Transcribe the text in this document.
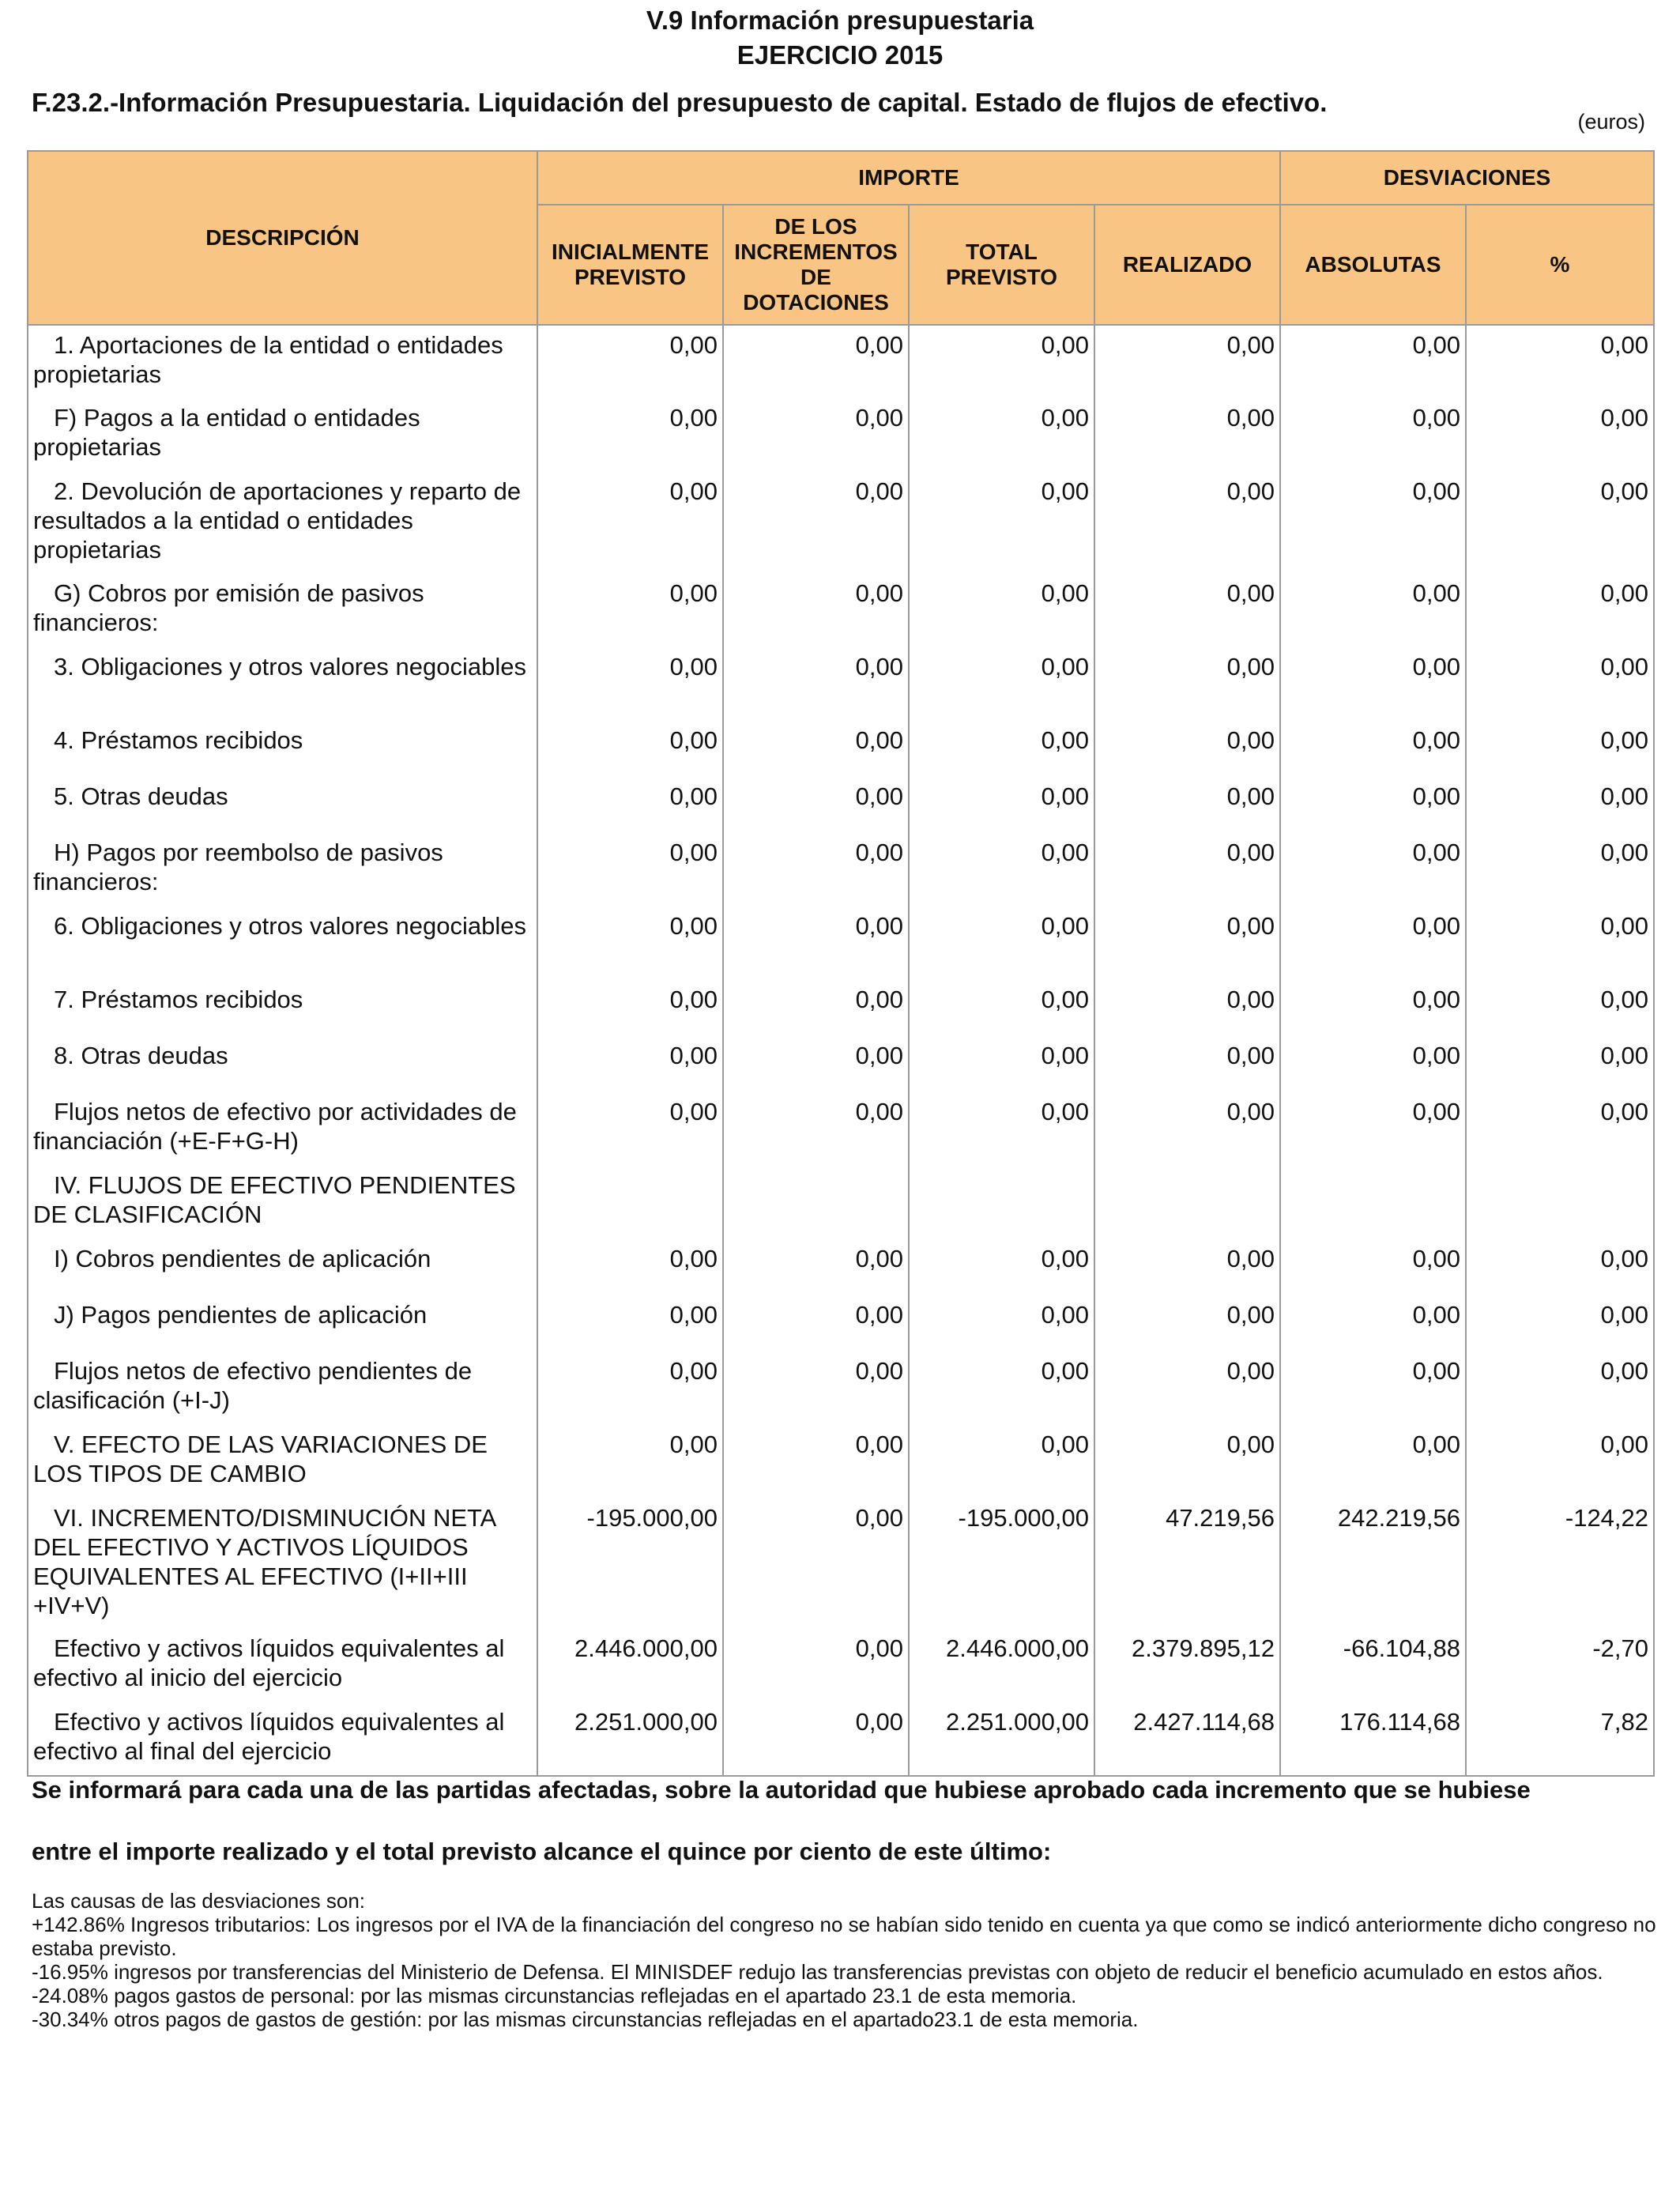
V.9 Información presupuestaria
EJERCICIO 2015
F.23.2.-Información Presupuestaria. Liquidación del presupuesto de capital. Estado de flujos de efectivo.
(euros)
DESCRIPCIÓN	IMPORTE				DESVIACIONES	
	INICIALMENTE PREVISTO	DE LOS INCREMENTOS DE DOTACIONES	TOTAL PREVISTO	REALIZADO	ABSOLUTAS	%
1. Aportaciones de la entidad o entidades propietarias	0,00	0,00	0,00	0,00	0,00	0,00
F) Pagos a la entidad o entidades propietarias	0,00	0,00	0,00	0,00	0,00	0,00
2. Devolución de aportaciones y reparto de resultados a la entidad o entidades propietarias	0,00	0,00	0,00	0,00	0,00	0,00
G) Cobros por emisión de pasivos financieros:	0,00	0,00	0,00	0,00	0,00	0,00
3. Obligaciones y otros valores negociables	0,00	0,00	0,00	0,00	0,00	0,00
4. Préstamos recibidos	0,00	0,00	0,00	0,00	0,00	0,00
5. Otras deudas	0,00	0,00	0,00	0,00	0,00	0,00
H) Pagos por reembolso de pasivos financieros:	0,00	0,00	0,00	0,00	0,00	0,00
6. Obligaciones y otros valores negociables	0,00	0,00	0,00	0,00	0,00	0,00
7. Préstamos recibidos	0,00	0,00	0,00	0,00	0,00	0,00
8. Otras deudas	0,00	0,00	0,00	0,00	0,00	0,00
Flujos netos de efectivo por actividades de financiación (+E-F+G-H)	0,00	0,00	0,00	0,00	0,00	0,00
IV. FLUJOS DE EFECTIVO PENDIENTES DE CLASIFICACIÓN						
I) Cobros pendientes de aplicación	0,00	0,00	0,00	0,00	0,00	0,00
J) Pagos pendientes de aplicación	0,00	0,00	0,00	0,00	0,00	0,00
Flujos netos de efectivo pendientes de clasificación (+I-J)	0,00	0,00	0,00	0,00	0,00	0,00
V. EFECTO DE LAS VARIACIONES DE LOS TIPOS DE CAMBIO	0,00	0,00	0,00	0,00	0,00	0,00
VI. INCREMENTO/DISMINUCIÓN NETA DEL EFECTIVO Y ACTIVOS LÍQUIDOS EQUIVALENTES AL EFECTIVO (I+II+III +IV+V)	-195.000,00	0,00	-195.000,00	47.219,56	242.219,56	-124,22
Efectivo y activos líquidos equivalentes al efectivo al inicio del ejercicio	2.446.000,00	0,00	2.446.000,00	2.379.895,12	-66.104,88	-2,70
Efectivo y activos líquidos equivalentes al efectivo al final del ejercicio	2.251.000,00	0,00	2.251.000,00	2.427.114,68	176.114,68	7,82
Se informará para cada una de las partidas afectadas, sobre la autoridad que hubiese aprobado cada incremento que se hubiese
entre el importe realizado y el total previsto alcance el quince por ciento de este último:
Las causas de las desviaciones son:
+142.86% Ingresos tributarios: Los ingresos por el IVA de la financiación del congreso no se habían sido tenido en cuenta ya que como se indicó anteriormente dicho congreso no estaba previsto.
-16.95% ingresos por transferencias del Ministerio de Defensa. El MINISDEF redujo las transferencias previstas con objeto de reducir el beneficio acumulado en estos años.
-24.08% pagos gastos de personal: por las mismas circunstancias reflejadas en el apartado 23.1 de esta memoria.
-30.34% otros pagos de gastos de gestión: por las mismas circunstancias reflejadas en el apartado23.1 de esta memoria.
